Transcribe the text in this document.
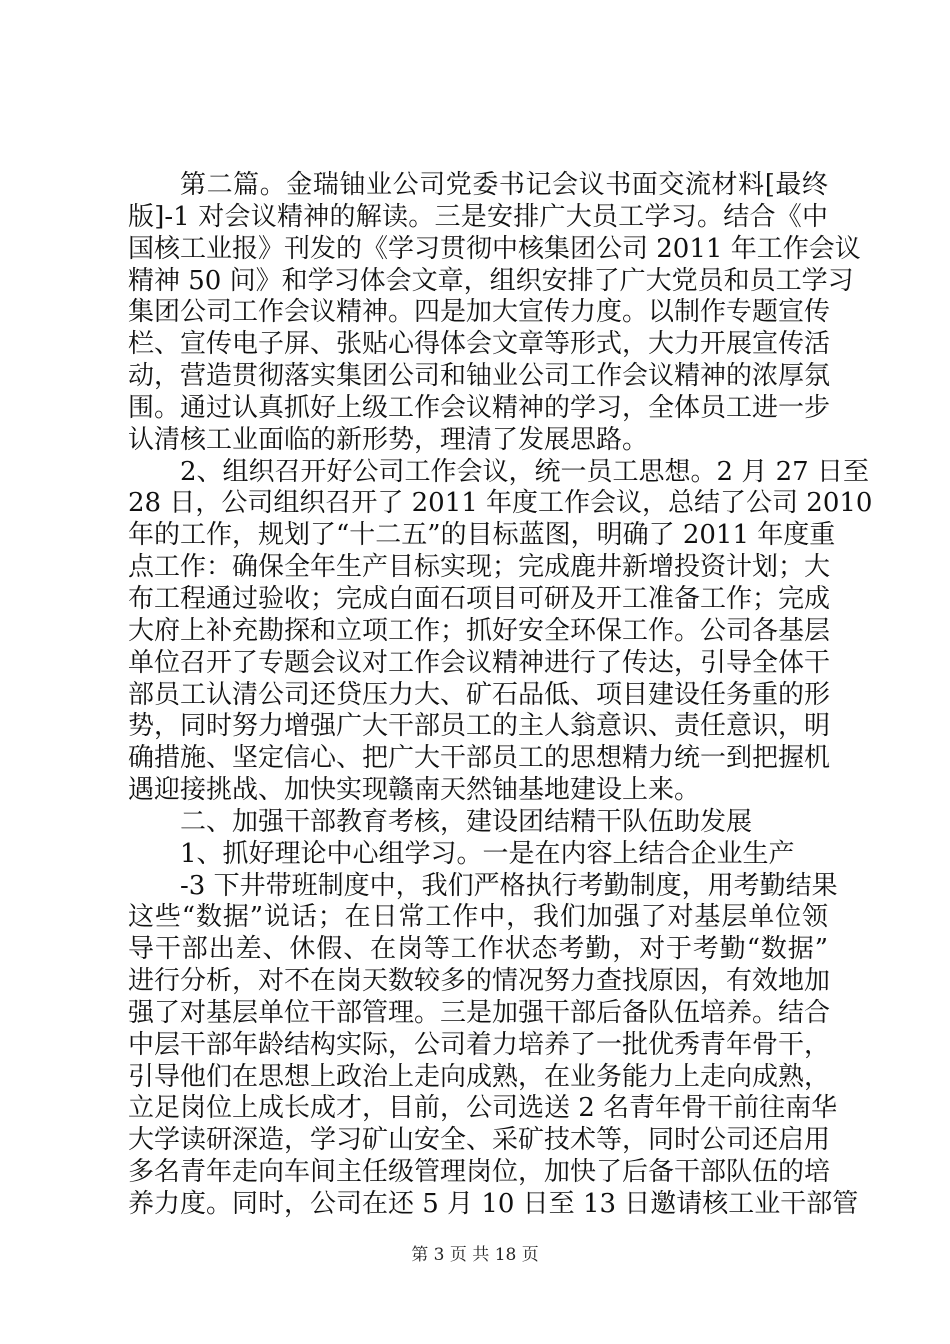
第二篇。金瑞铀业公司党委书记会议书面交流材料[最终
版]-1 对会议精神的解读。三是安排广大员工学习。结合《中
国核工业报》刊发的《学习贯彻中核集团公司 2011 年工作会议
精神 50 问》和学习体会文章，组织安排了广大党员和员工学习
集团公司工作会议精神。四是加大宣传力度。以制作专题宣传
栏、宣传电子屏、张贴心得体会文章等形式，大力开展宣传活
动，营造贯彻落实集团公司和铀业公司工作会议精神的浓厚氛
围。通过认真抓好上级工作会议精神的学习，全体员工进一步
认清核工业面临的新形势，理清了发展思路。
2、组织召开好公司工作会议，统一员工思想。2 月 27 日至
28 日，公司组织召开了 2011 年度工作会议，总结了公司 2010
年的工作，规划了“十二五”的目标蓝图，明确了 2011 年度重
点工作：确保全年生产目标实现；完成鹿井新增投资计划；大
布工程通过验收；完成白面石项目可研及开工准备工作；完成
大府上补充勘探和立项工作；抓好安全环保工作。公司各基层
单位召开了专题会议对工作会议精神进行了传达，引导全体干
部员工认清公司还贷压力大、矿石品低、项目建设任务重的形
势，同时努力增强广大干部员工的主人翁意识、责任意识，明
确措施、坚定信心、把广大干部员工的思想精力统一到把握机
遇迎接挑战、加快实现赣南天然铀基地建设上来。
二、加强干部教育考核，建设团结精干队伍助发展
1、抓好理论中心组学习。一是在内容上结合企业生产
-3 下井带班制度中，我们严格执行考勤制度，用考勤结果
这些“数据”说话；在日常工作中，我们加强了对基层单位领
导干部出差、休假、在岗等工作状态考勤，对于考勤“数据”
进行分析，对不在岗天数较多的情况努力查找原因，有效地加
强了对基层单位干部管理。三是加强干部后备队伍培养。结合
中层干部年龄结构实际，公司着力培养了一批优秀青年骨干，
引导他们在思想上政治上走向成熟，在业务能力上走向成熟，
立足岗位上成长成才，目前，公司选送 2 名青年骨干前往南华
大学读研深造，学习矿山安全、采矿技术等，同时公司还启用
多名青年走向车间主任级管理岗位，加快了后备干部队伍的培
养力度。同时，公司在还 5 月 10 日至 13 日邀请核工业干部管
第 3 页 共 18 页
